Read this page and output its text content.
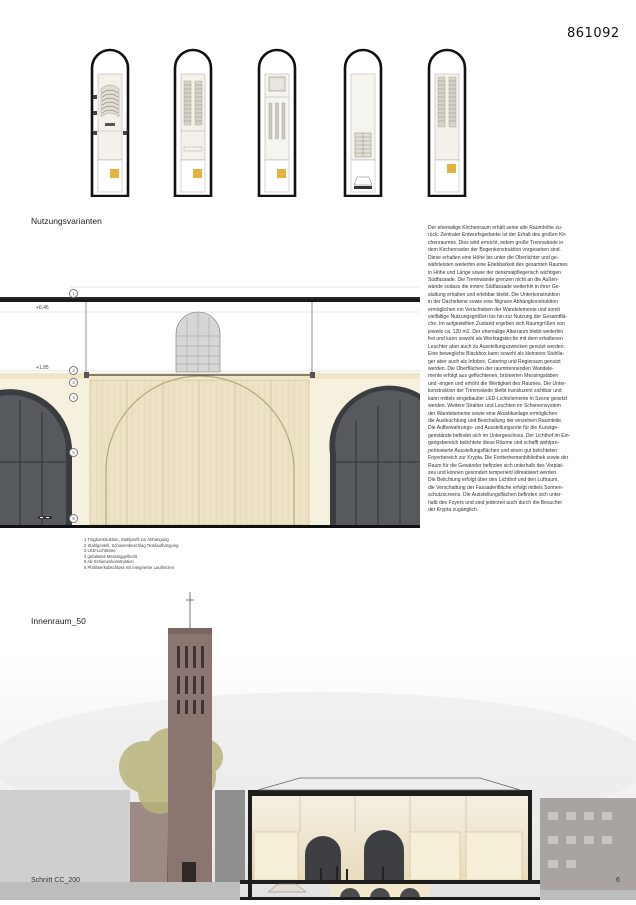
861092
Nutzungsvarianten
+6,46
+1,85
1
2
3
4
5
6
1 Tragkonstruktion, Stahlprofil zur Abhängung
2 Stahlgestell, Schienenbeschlag Textilaufhängung
3 LED-Lichtleiste
4 gefaltetes Messinggeflecht
5 Ab-Schienenkonstruktion
6 Pfahlwerkabschluss mit integrierter Lautheizen
Der ehemalige Kirchenraum erhält seine alte Raumhöhe zu-
rück. Zentraler Entwurfsgedanke ist der Erhalt des großen Kir-
chenraumes. Dies wird erreicht, indem große Trennwände in
dem Kirchenraster der Bogenkonstruktion vorgesehen sind.
Diese erhalten eine Höhe bis unter die Oberlichter und ge-
währleisten weiterhin eine Erlebbarkeit des gesamten Raumes
in Höhe und Länge sowie der denkmalpflegerisch wichtigen
Südfassade. Die Trennwände grenzen nicht an die Außen-
wände sodass die innere Südfassade weiterhin in ihrer Ge-
staltung erhalten und erlebbar bleibt. Die Unterkonstruktion
in der Dachebene sowie eine filigrane Abhängkonstruktion
ermöglichen ein Verschieben der Wandelemente und somit
vielfältige Nutzungsgrößen bis hin zur Nutzung der Gesamtflä-
che. Im aufgestellten Zustand ergeben sich Raumgrößen von
jeweils ca. 120 m2. Der ehemalige Altarraum bleibt weiterhin
frei und kann sowohl als Werktagskirche mit dem erhaltenen
Leuchter aber auch zu Ausstellungszwecken genutzt werden.
Eine bewegliche Blackbox kann sowohl als kleineres Stuhlla-
ger aber auch als Infobox, Catering und Regieraum genutzt
werden. Die Oberflächen der raumtrennenden Wandele-
mente erfolgt aus geflochtenen, brünierten Messingstäben
und -ringen und erhöht die Wertigkeit des Raumes. Die Unter-
konstruktion der Trennwände bleibt transluzent sichtbar und
kann mittels eingebaulter LED-Lichtelemente in Szene gesetzt
werden. Weitere Strahler und Leuchten im Schienensystem
der Wandelemente sowie eine Akustikanlage ermöglichen
die Ausleuchtung und Beschallung der einzelnen Raumteile.
Die Aufbewahrungs- und Ausstellungsorte für die Kunstge-
genstände befindet sich im Untergeschoss. Der Lichthof im Ein-
gangsbereich belichtete diese Räume und schafft wohlpro-
portionierte Ausstellungsflächen und einen gut belichteten
Foyerbereich zur Krypta. Die Frotterhemenbibliothek sowie der
Raum für die Gewänder befinden sich unterhalb des Vorplat-
zes und können gesondert temperiert/ klimatisiert werden.
Die Belichtung erfolgt über den Lichthof und den Luftraum,
die Verschattung der Fassadenfläche erfolgt mittels Sonnen-
schutzscreens. Die Ausstellungsflächen befinden sich unter-
halb des Foyers und sind jederzeit auch durch die Besucher
der Krypta zugänglich.
Innenraum_50
Schnitt CC_200	6
